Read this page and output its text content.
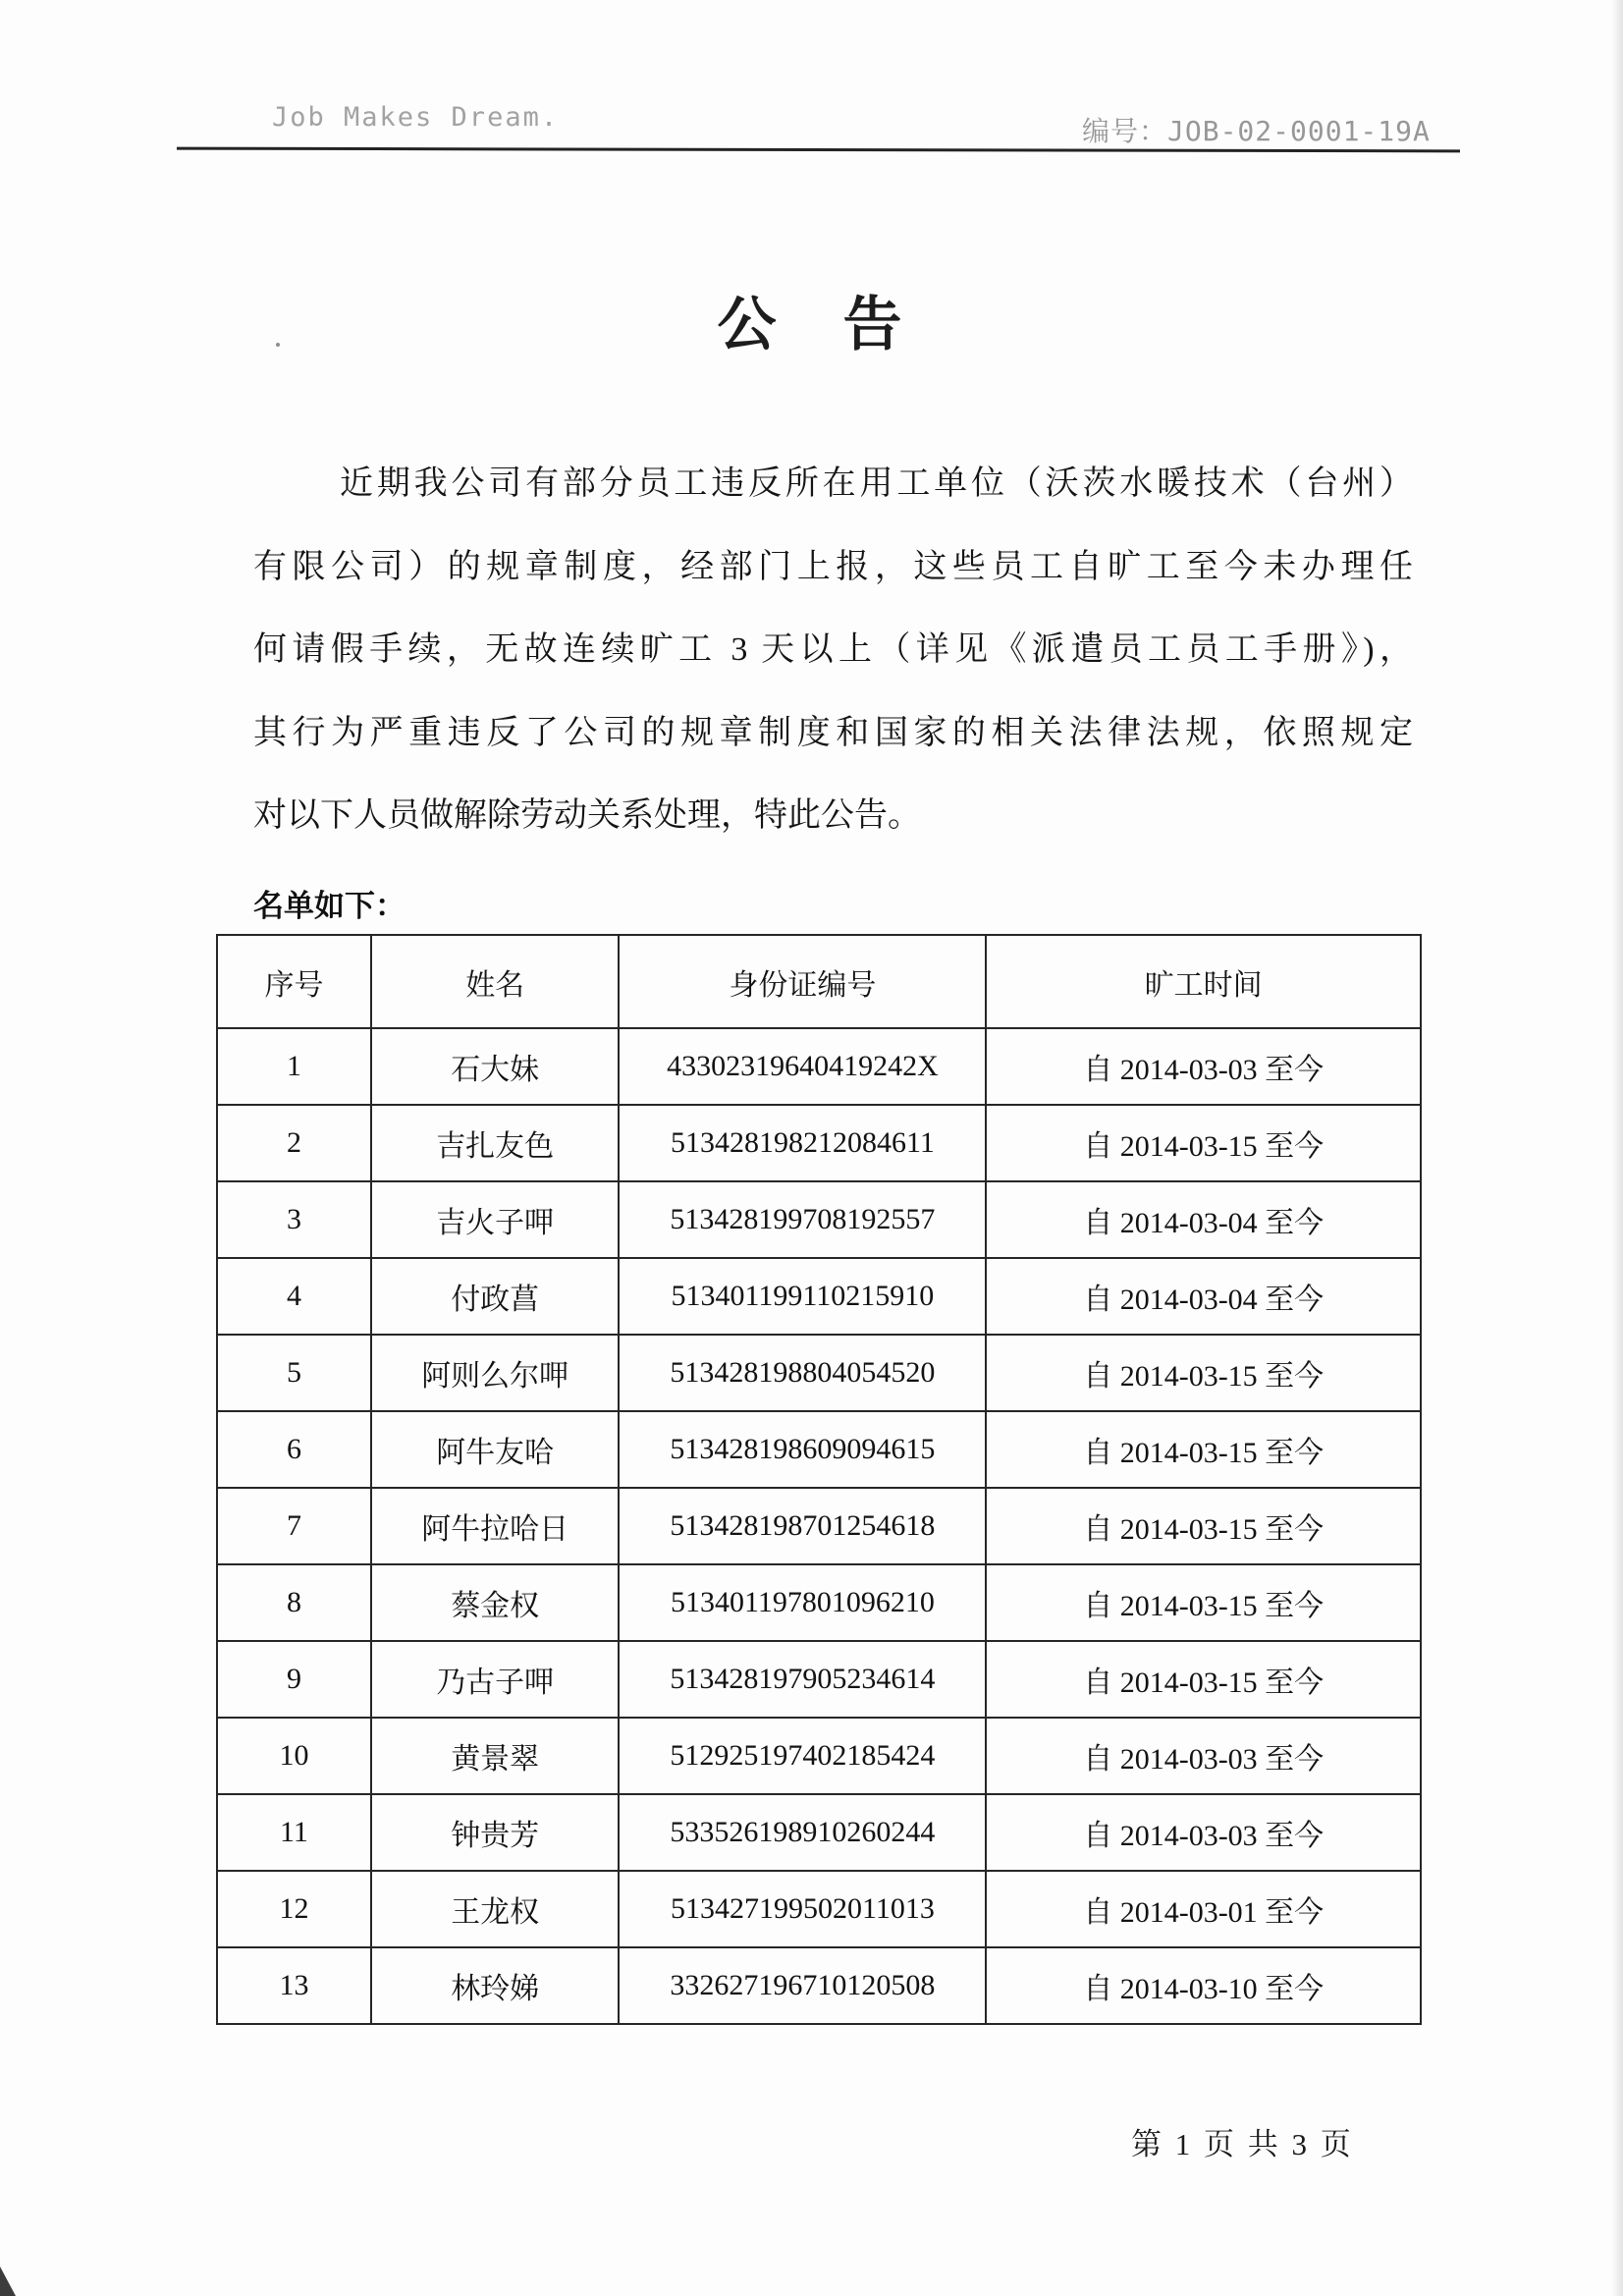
Job Makes Dream.	编号：JOB-02-0001-19A
公　告
近期我公司有部分员工违反所在用工单位（沃茨水暖技术（台州）
有限公司）的规章制度，经部门上报，这些员工自旷工至今未办理任
何请假手续，无故连续旷工 3 天以上（详见《派遣员工员工手册》)，
其行为严重违反了公司的规章制度和国家的相关法律法规，依照规定
对以下人员做解除劳动关系处理，特此公告。
名单如下：
序号	姓名	身份证编号	旷工时间
1	石大妹	43302319640419242X	自 2014-03-03 至今
2	吉扎友色	513428198212084611	自 2014-03-15 至今
3	吉火子呷	513428199708192557	自 2014-03-04 至今
4	付政菖	513401199110215910	自 2014-03-04 至今
5	阿则么尔呷	513428198804054520	自 2014-03-15 至今
6	阿牛友哈	513428198609094615	自 2014-03-15 至今
7	阿牛拉哈日	513428198701254618	自 2014-03-15 至今
8	蔡金权	513401197801096210	自 2014-03-15 至今
9	乃古子呷	513428197905234614	自 2014-03-15 至今
10	黄景翠	512925197402185424	自 2014-03-03 至今
11	钟贵芳	533526198910260244	自 2014-03-03 至今
12	王龙权	513427199502011013	自 2014-03-01 至今
13	林玲娣	332627196710120508	自 2014-03-10 至今
第 1 页 共 3 页
